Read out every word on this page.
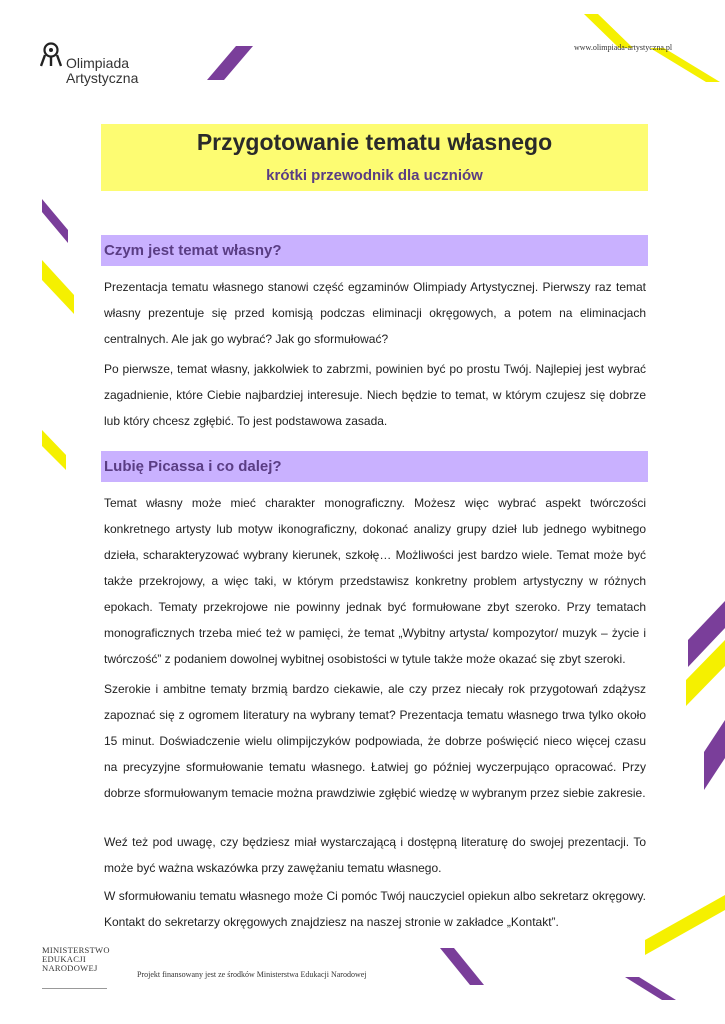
Olimpiada
Artystyczna
www.olimpiada-artystyczna.pl
Przygotowanie tematu własnego
krótki przewodnik dla uczniów
Czym jest temat własny?
Prezentacja tematu własnego stanowi część egzaminów Olimpiady Artystycznej. Pierwszy raz temat własny prezentuje się przed komisją podczas eliminacji okręgowych, a potem na eliminacjach centralnych. Ale jak go wybrać? Jak go sformułować?
Po pierwsze, temat własny, jakkolwiek to zabrzmi, powinien być po prostu Twój. Najlepiej jest wybrać zagadnienie, które Ciebie najbardziej interesuje. Niech będzie to temat, w którym czujesz się dobrze lub który chcesz zgłębić. To jest podstawowa zasada.
Lubię Picassa i co dalej?
Temat własny może mieć charakter monograficzny. Możesz więc wybrać aspekt twórczości konkretnego artysty lub motyw ikonograficzny, dokonać analizy grupy dzieł lub jednego wybitnego dzieła, scharakteryzować wybrany kierunek, szkołę… Możliwości jest bardzo wiele. Temat może być także przekrojowy, a więc taki, w którym przedstawisz konkretny problem artystyczny w różnych epokach. Tematy przekrojowe nie powinny jednak być formułowane zbyt szeroko. Przy tematach monograficznych trzeba mieć też w pamięci, że temat „Wybitny artysta/ kompozytor/ muzyk – życie i twórczość” z podaniem dowolnej wybitnej osobistości w tytule także może okazać się zbyt szeroki.
Szerokie i ambitne tematy brzmią bardzo ciekawie, ale czy przez niecały rok przygotowań zdążysz zapoznać się z ogromem literatury na wybrany temat? Prezentacja tematu własnego trwa tylko około 15 minut. Doświadczenie wielu olimpijczyków podpowiada, że dobrze poświęcić nieco więcej czasu na precyzyjne sformułowanie tematu własnego. Łatwiej go później wyczerpująco opracować. Przy dobrze sformułowanym temacie można prawdziwie zgłębić wiedzę w wybranym przez siebie zakresie.
Weź też pod uwagę, czy będziesz miał wystarczającą i dostępną literaturę do swojej prezentacji. To może być ważna wskazówka przy zawężaniu tematu własnego.
W sformułowaniu tematu własnego może Ci pomóc Twój nauczyciel opiekun albo sekretarz okręgowy. Kontakt do sekretarzy okręgowych znajdziesz na naszej stronie w zakładce „Kontakt”.
MINISTERSTWO
EDUKACJI
NARODOWEJ
Projekt finansowany jest ze środków Ministerstwa Edukacji Narodowej
